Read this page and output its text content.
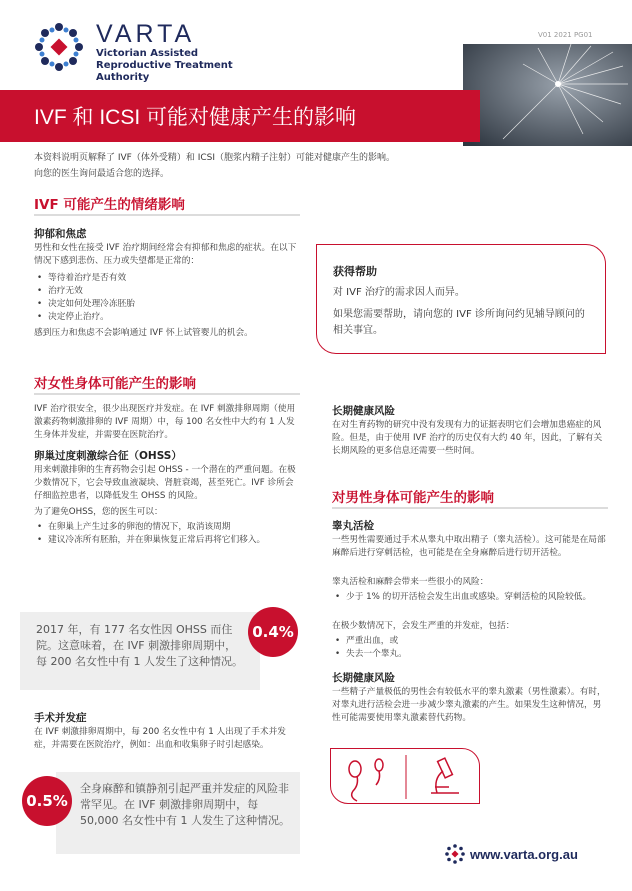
VARTA
Victorian Assisted Reproductive Treatment Authority
V01 2021 PG01
IVF 和 ICSI 可能对健康产生的影响
本资料说明页解释了 IVF（体外受精）和 ICSI（胞浆内精子注射）可能对健康产生的影响。
向您的医生询问最适合您的选择。
IVF 可能产生的情绪影响
抑郁和焦虑
男性和女性在接受 IVF 治疗期间经常会有抑郁和焦虑的症状。在以下情况下感到悲伤、压力或失望都是正常的：
• 等待着治疗是否有效
• 治疗无效
• 决定如何处理冷冻胚胎
• 决定停止治疗。
感到压力和焦虑不会影响通过 IVF 怀上试管婴儿的机会。
获得帮助
对 IVF 治疗的需求因人而异。
如果您需要帮助，请向您的 IVF 诊所询问约见辅导顾问的相关事宜。
对女性身体可能产生的影响
IVF 治疗很安全，很少出现医疗并发症。在 IVF 刺激排卵周期（使用激素药物刺激排卵的 IVF 周期）中，每 100 名女性中大约有 1 人发生身体并发症，并需要在医院治疗。
卵巢过度刺激综合征（OHSS）
用来刺激排卵的生育药物会引起 OHSS - 一个潜在的严重问题。在极少数情况下，它会导致血液凝块、肾脏衰竭，甚至死亡。IVF 诊所会仔细监控患者，以降低发生 OHSS 的风险。
为了避免OHSS，您的医生可以：
• 在卵巢上产生过多的卵泡的情况下，取消该周期
• 建议冷冻所有胚胎，并在卵巢恢复正常后再将它们移入。
2017 年，有 177 名女性因 OHSS 而住院。这意味着，在 IVF 刺激排卵周期中，每 200 名女性中有 1 人发生了这种情况。
0.4%
手术并发症
在 IVF 刺激排卵周期中，每 200 名女性中有 1 人出现了手术并发症，并需要在医院治疗，例如：出血和收集卵子时引起感染。
全身麻醉和镇静剂引起严重并发症的风险非常罕见。在 IVF 刺激排卵周期中，每 50,000 名女性中有 1 人发生了这种情况。
0.5%
长期健康风险
在对生育药物的研究中没有发现有力的证据表明它们会增加患癌症的风险。但是，由于使用 IVF 治疗的历史仅有大约 40 年，因此，了解有关长期风险的更多信息还需要一些时间。
对男性身体可能产生的影响
睾丸活检
一些男性需要通过手术从睾丸中取出精子（睾丸活检）。这可能是在局部麻醉后进行穿刺活检，也可能是在全身麻醉后进行切开活检。
睾丸活检和麻醉会带来一些很小的风险：
• 少于 1% 的切开活检会发生出血或感染。穿刺活检的风险较低。
在极少数情况下，会发生严重的并发症，包括：
• 严重出血，或
• 失去一个睾丸。
长期健康风险
一些精子产量极低的男性会有较低水平的睾丸激素（男性激素）。有时，对睾丸进行活检会进一步减少睾丸激素的产生。如果发生这种情况，男性可能需要使用睾丸激素替代药物。
www.varta.org.au
